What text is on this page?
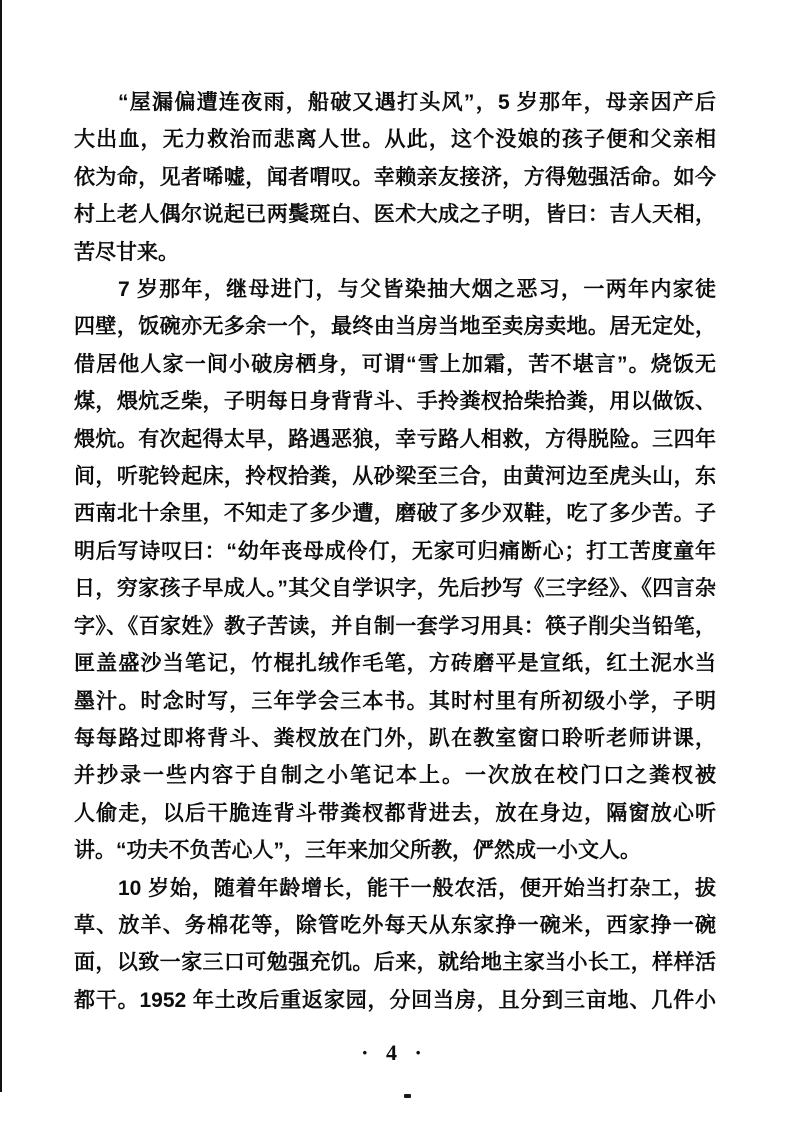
“屋漏偏遭连夜雨，船破又遇打头风”，5 岁那年，母亲因产后
大出血，无力救治而悲离人世。从此，这个没娘的孩子便和父亲相
依为命，见者唏嘘，闻者喟叹。幸赖亲友接济，方得勉强活命。如今
村上老人偶尔说起已两鬓斑白、医术大成之子明，皆曰：吉人天相，
苦尽甘来。

7 岁那年，继母进门，与父皆染抽大烟之恶习，一两年内家徒
四壁，饭碗亦无多余一个，最终由当房当地至卖房卖地。居无定处，
借居他人家一间小破房栖身，可谓“雪上加霜，苦不堪言”。烧饭无
煤，煨炕乏柴，子明每日身背背斗、手拎粪杈拾柴拾粪，用以做饭、
煨炕。有次起得太早，路遇恶狼，幸亏路人相救，方得脱险。三四年
间，听驼铃起床，拎杈拾粪，从砂梁至三合，由黄河边至虎头山，东
西南北十余里，不知走了多少遭，磨破了多少双鞋，吃了多少苦。子
明后写诗叹曰：“幼年丧母成伶仃，无家可归痛断心；打工苦度童年
日，穷家孩子早成人。”其父自学识字，先后抄写《三字经》、《四言杂
字》、《百家姓》教子苦读，并自制一套学习用具：筷子削尖当铅笔，
匣盖盛沙当笔记，竹棍扎绒作毛笔，方砖磨平是宣纸，红土泥水当
墨汁。时念时写，三年学会三本书。其时村里有所初级小学，子明
每每路过即将背斗、粪杈放在门外，趴在教室窗口聆听老师讲课，
并抄录一些内容于自制之小笔记本上。一次放在校门口之粪杈被
人偷走，以后干脆连背斗带粪杈都背进去，放在身边，隔窗放心听
讲。“功夫不负苦心人”，三年来加父所教，俨然成一小文人。

10 岁始，随着年龄增长，能干一般农活，便开始当打杂工，拔
草、放羊、务棉花等，除管吃外每天从东家挣一碗米，西家挣一碗
面，以致一家三口可勉强充饥。后来，就给地主家当小长工，样样活
都干。1952 年土改后重返家园，分回当房，且分到三亩地、几件小

· 4 ·
